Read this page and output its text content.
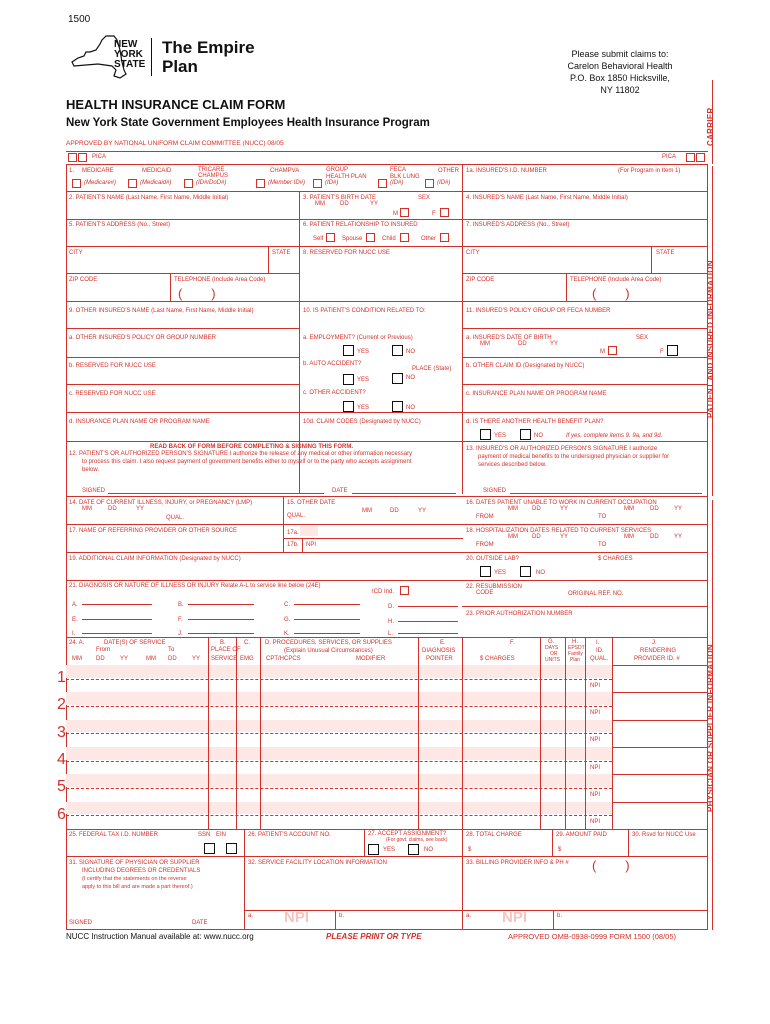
1500
NEW
YORK
STATE
The Empire
Plan
Please submit claims to:
Carelon Behavioral Health
P.O. Box 1850 Hicksville,
NY 11802
HEALTH INSURANCE CLAIM FORM
New York State Government Employees Health Insurance Program
APPROVED BY NATIONAL UNIFORM CLAIM COMMITTEE (NUCC) 08/05	CARRIER
PATIENT AND INSURED INFORMATION
PHYSICIAN OR SUPPLIER INFORMATION
PICA	PICA
1. MEDICARE	MEDICAID	TRICARE
CHAMPUS
CHAMPVA	GROUP
HEALTH PLAN
FECA
BLK LUNG
OTHER
(Medicare#)	(Medicaid#)	(ID#/DoD#)	(Member ID#)	(ID#)	(ID#)	(ID#)
1a. INSURED'S I.D. NUMBER	(For Program in Item 1)
2. PATIENT'S NAME (Last Name, First Name, Middle Initial)	3. PATIENT'S BIRTH DATE
MM	DD	YY
SEX
M	F
4. INSURED'S NAME (Last Name, First Name, Middle Initial)
5. PATIENT'S ADDRESS (No., Street)	6. PATIENT RELATIONSHIP TO INSURED
Self	Spouse	Child	Other
7. INSURED'S ADDRESS (No., Street)
CITY	STATE 8. RESERVED FOR NUCC USE	CITY	STATE
ZIP CODE	TELEPHONE (Include Area Code)
(        )
ZIP CODE	TELEPHONE (Include Area Code)
(        )
9. OTHER INSURED'S NAME (Last Name, First Name, Middle Initial)	10. IS PATIENT'S CONDITION RELATED TO:	11. INSURED'S POLICY GROUP OR FECA NUMBER
a. OTHER INSURED'S POLICY OR GROUP NUMBER	a. EMPLOYMENT? (Current or Previous)
YES	NO
a. INSURED'S DATE OF BIRTH
MM	DD	YY
SEX
M	F
b. RESERVED FOR NUCC USE	b. AUTO ACCIDENT?
PLACE (State)
YES	NO
b. OTHER CLAIM ID (Designated by NUCC)
c. RESERVED FOR NUCC USE	c. OTHER ACCIDENT?
YES	NO
c. INSURANCE PLAN NAME OR PROGRAM NAME
d. INSURANCE PLAN NAME OR PROGRAM NAME	10d. CLAIM CODES (Designated by NUCC)	d. IS THERE ANOTHER HEALTH BENEFIT PLAN?
YES	NO	If yes, complete items 9, 9a, and 9d.
READ BACK OF FORM BEFORE COMPLETING & SIGNING THIS FORM.
12. PATIENT'S OR AUTHORIZED PERSON'S SIGNATURE I authorize the release of any medical or other information necessary
to process this claim. I also request payment of government benefits either to myself or to the party who accepts assignment
below.
SIGNED	DATE
13. INSURED'S OR AUTHORIZED PERSON'S SIGNATURE I authorize
payment of medical benefits to the undersigned physician or supplier for
services described below.
SIGNED
14. DATE OF CURRENT ILLNESS, INJURY, or PREGNANCY (LMP)
MM	DD	YY
QUAL.
15. OTHER DATE
QUAL.
MM	DD	YY
16. DATES PATIENT UNABLE TO WORK IN CURRENT OCCUPATION
MM DD	YY	MM	DD	YY
FROM	TO
17. NAME OF REFERRING PROVIDER OR OTHER SOURCE	17a.
17b. NPI
18. HOSPITALIZATION DATES RELATED TO CURRENT SERVICES
MM DD	YY	MM	DD	YY
FROM	TO
19. ADDITIONAL CLAIM INFORMATION (Designated by NUCC)	20. OUTSIDE LAB?	$ CHARGES
YES	NO
21. DIAGNOSIS OR NATURE OF ILLNESS OR INJURY Relate A-L to service line below (24E)
ICD Ind.
A.	B.	C.	D.
E.	F.	G.	H.
I.	J.	K.	L.
22. RESUBMISSION
CODE	ORIGINAL REF. NO.
23. PRIOR AUTHORIZATION NUMBER
24. A.	DATE(S) OF SERVICE
From	To
MM DD	YY	MM DD	YY
B.
PLACE OF
SERVICE
C.
EMG
D. PROCEDURES, SERVICES, OR SUPPLIES
(Explain Unusual Circumstances)
CPT/HCPCS	MODIFIER
E.
DIAGNOSIS
POINTER
F.
$ CHARGES
G.
DAYS
OR
UNITS
H.
EPSDT
Family
Plan
I.
ID.
QUAL.
J.
RENDERING
PROVIDER ID. #
NPI
1
NPI
2
NPI
3
NPI
4
NPI
5
NPI
6
25. FEDERAL TAX I.D. NUMBER	SSN EIN	26. PATIENT'S ACCOUNT NO.	27. ACCEPT ASSIGNMENT?
(For govt. claims, see back)
YES	NO
28. TOTAL CHARGE
$
29. AMOUNT PAID
$
30. Rsvd for NUCC Use
31. SIGNATURE OF PHYSICIAN OR SUPPLIER
INCLUDING DEGREES OR CREDENTIALS
(I certify that the statements on the reverse
apply to this bill and are made a part thereof.)
32. SERVICE FACILITY LOCATION INFORMATION	33. BILLING PROVIDER INFO & PH # (        )
a. NPI	b.	a. NPI	b.
SIGNED	DATE
NUCC Instruction Manual available at: www.nucc.org	PLEASE PRINT OR TYPE	APPROVED OMB-0938-0999 FORM 1500 (08/05)
